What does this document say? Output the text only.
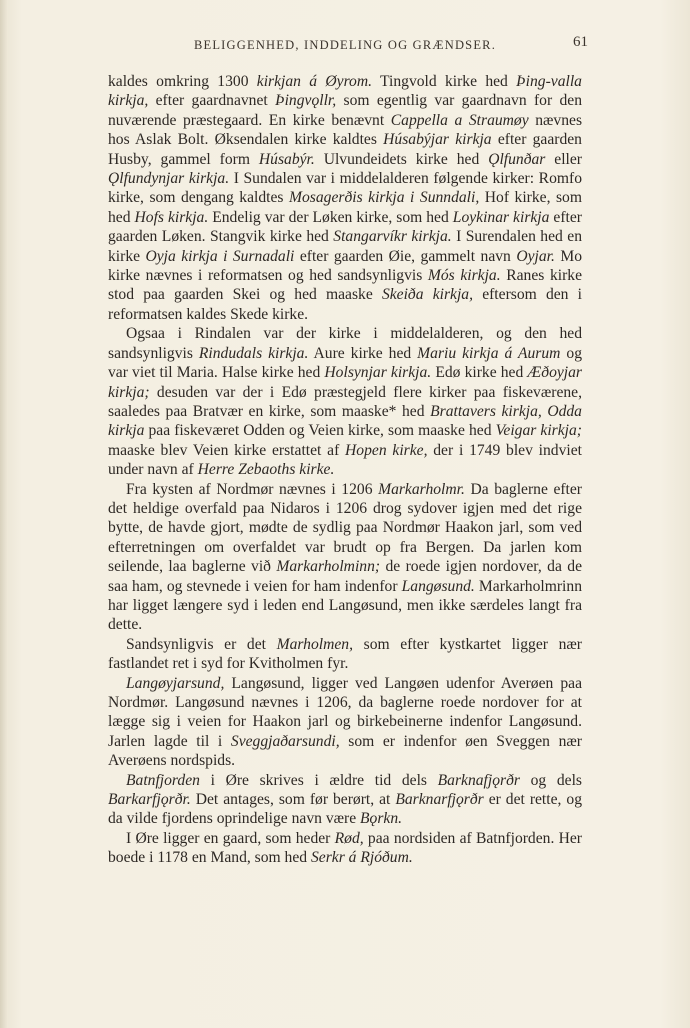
BELIGGENHED, INDDELING OG GRÆNDSER.	61

kaldes omkring 1300 kirkjan á Øyrom. Tingvold kirke hed Þing-valla kirkja, efter gaardnavnet Þingvǫllr, som egentlig var gaardnavn for den nuværende præstegaard. En kirke benævnt Cappella a Straumøy nævnes hos Aslak Bolt. Øksendalen kirke kaldtes Húsabýjar kirkja efter gaarden Husby, gammel form Húsabýr. Ulvundeidets kirke hed Ǫlfunðar eller Ǫlfundynjar kirkja. I Sundalen var i middelalderen følgende kirker: Romfo kirke, som dengang kaldtes Mosagerðis kirkja i Sunndali, Hof kirke, som hed Hofs kirkja. Endelig var der Løken kirke, som hed Loykinar kirkja efter gaarden Løken. Stangvik kirke hed Stangarvíkr kirkja. I Surendalen hed en kirke Oyja kirkja i Surnadali efter gaarden Øie, gammelt navn Oyjar. Mo kirke nævnes i reformatsen og hed sandsynligvis Mós kirkja. Ranes kirke stod paa gaarden Skei og hed maaske Skeiða kirkja, eftersom den i reformatsen kaldes Skede kirke.

Ogsaa i Rindalen var der kirke i middelalderen, og den hed sandsynligvis Rindudals kirkja. Aure kirke hed Mariu kirkja á Aurum og var viet til Maria. Halse kirke hed Holsynjar kirkja. Edø kirke hed Æðoyjar kirkja; desuden var der i Edø præstegjeld flere kirker paa fiskeværene, saaledes paa Bratvær en kirke, som maaske* hed Brattavers kirkja, Odda kirkja paa fiskeværet Odden og Veien kirke, som maaske hed Veigar kirkja; maaske blev Veien kirke erstattet af Hopen kirke, der i 1749 blev indviet under navn af Herre Zebaoths kirke.

Fra kysten af Nordmør nævnes i 1206 Markarholmr. Da baglerne efter det heldige overfald paa Nidaros i 1206 drog sydover igjen med det rige bytte, de havde gjort, mødte de sydlig paa Nordmør Haakon jarl, som ved efterretningen om overfaldet var brudt op fra Bergen. Da jarlen kom seilende, laa baglerne við Markarholminn; de roede igjen nordover, da de saa ham, og stevnede i veien for ham indenfor Langøsund. Markarholmrinn har ligget længere syd i leden end Langøsund, men ikke særdeles langt fra dette.

Sandsynligvis er det Marholmen, som efter kystkartet ligger nær fastlandet ret i syd for Kvitholmen fyr.

Langøyjarsund, Langøsund, ligger ved Langøen udenfor Averøen paa Nordmør. Langøsund nævnes i 1206, da baglerne roede nordover for at lægge sig i veien for Haakon jarl og birkebeinerne indenfor Langøsund. Jarlen lagde til i Sveggjaðarsundi, som er indenfor øen Sveggen nær Averøens nordspids.

Batnfjorden i Øre skrives i ældre tid dels Barknafjǫrðr og dels Barkarfjǫrðr. Det antages, som før berørt, at Barknarfjǫrðr er det rette, og da vilde fjordens oprindelige navn være Bǫrkn.

I Øre ligger en gaard, som heder Rød, paa nordsiden af Batnfjorden. Her boede i 1178 en Mand, som hed Serkr á Rjóðum.
